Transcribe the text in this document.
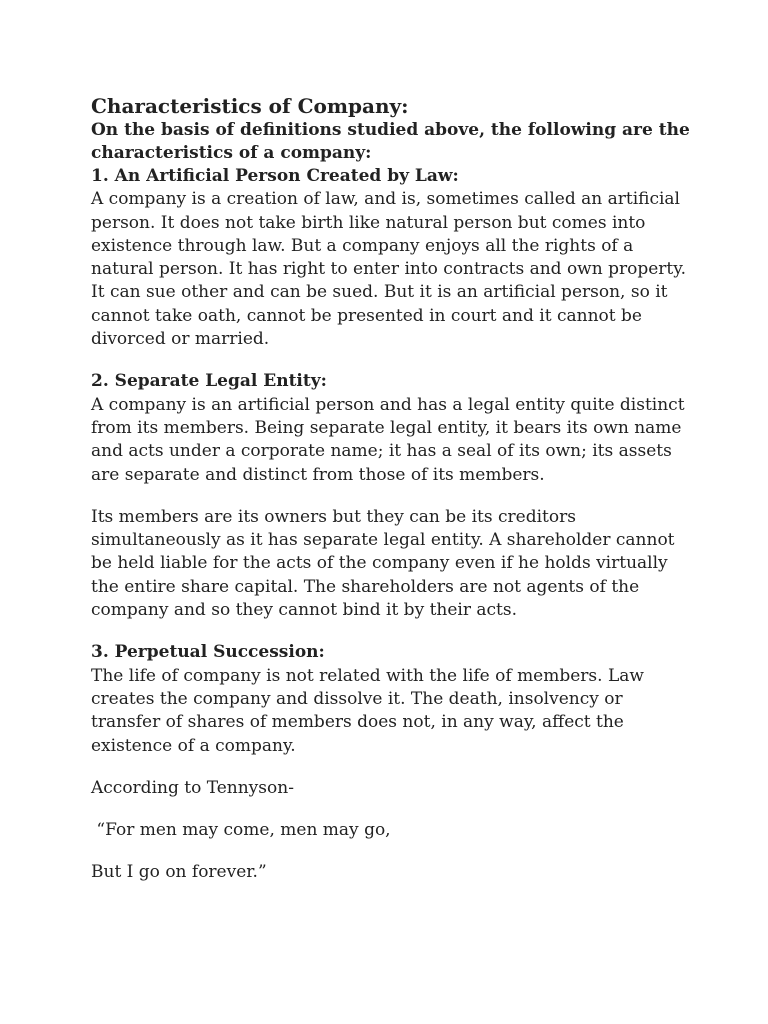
Characteristics of Company:

On the basis of definitions studied above, the following are the characteristics of a company:

1. An Artificial Person Created by Law:

A company is a creation of law, and is, sometimes called an artificial person. It does not take birth like natural person but comes into existence through law. But a company enjoys all the rights of a natural person. It has right to enter into contracts and own property. It can sue other and can be sued. But it is an artificial person, so it cannot take oath, cannot be presented in court and it cannot be divorced or married.

2. Separate Legal Entity:

A company is an artificial person and has a legal entity quite distinct from its members. Being separate legal entity, it bears its own name and acts under a corporate name; it has a seal of its own; its assets are separate and distinct from those of its members.

Its members are its owners but they can be its creditors simultaneously as it has separate legal entity. A shareholder cannot be held liable for the acts of the company even if he holds virtually the entire share capital. The shareholders are not agents of the company and so they cannot bind it by their acts.

3. Perpetual Succession:

The life of company is not related with the life of members. Law creates the company and dissolve it. The death, insolvency or transfer of shares of members does not, in any way, affect the existence of a company.

According to Tennyson-

“For men may come, men may go,

But I go on forever.”
